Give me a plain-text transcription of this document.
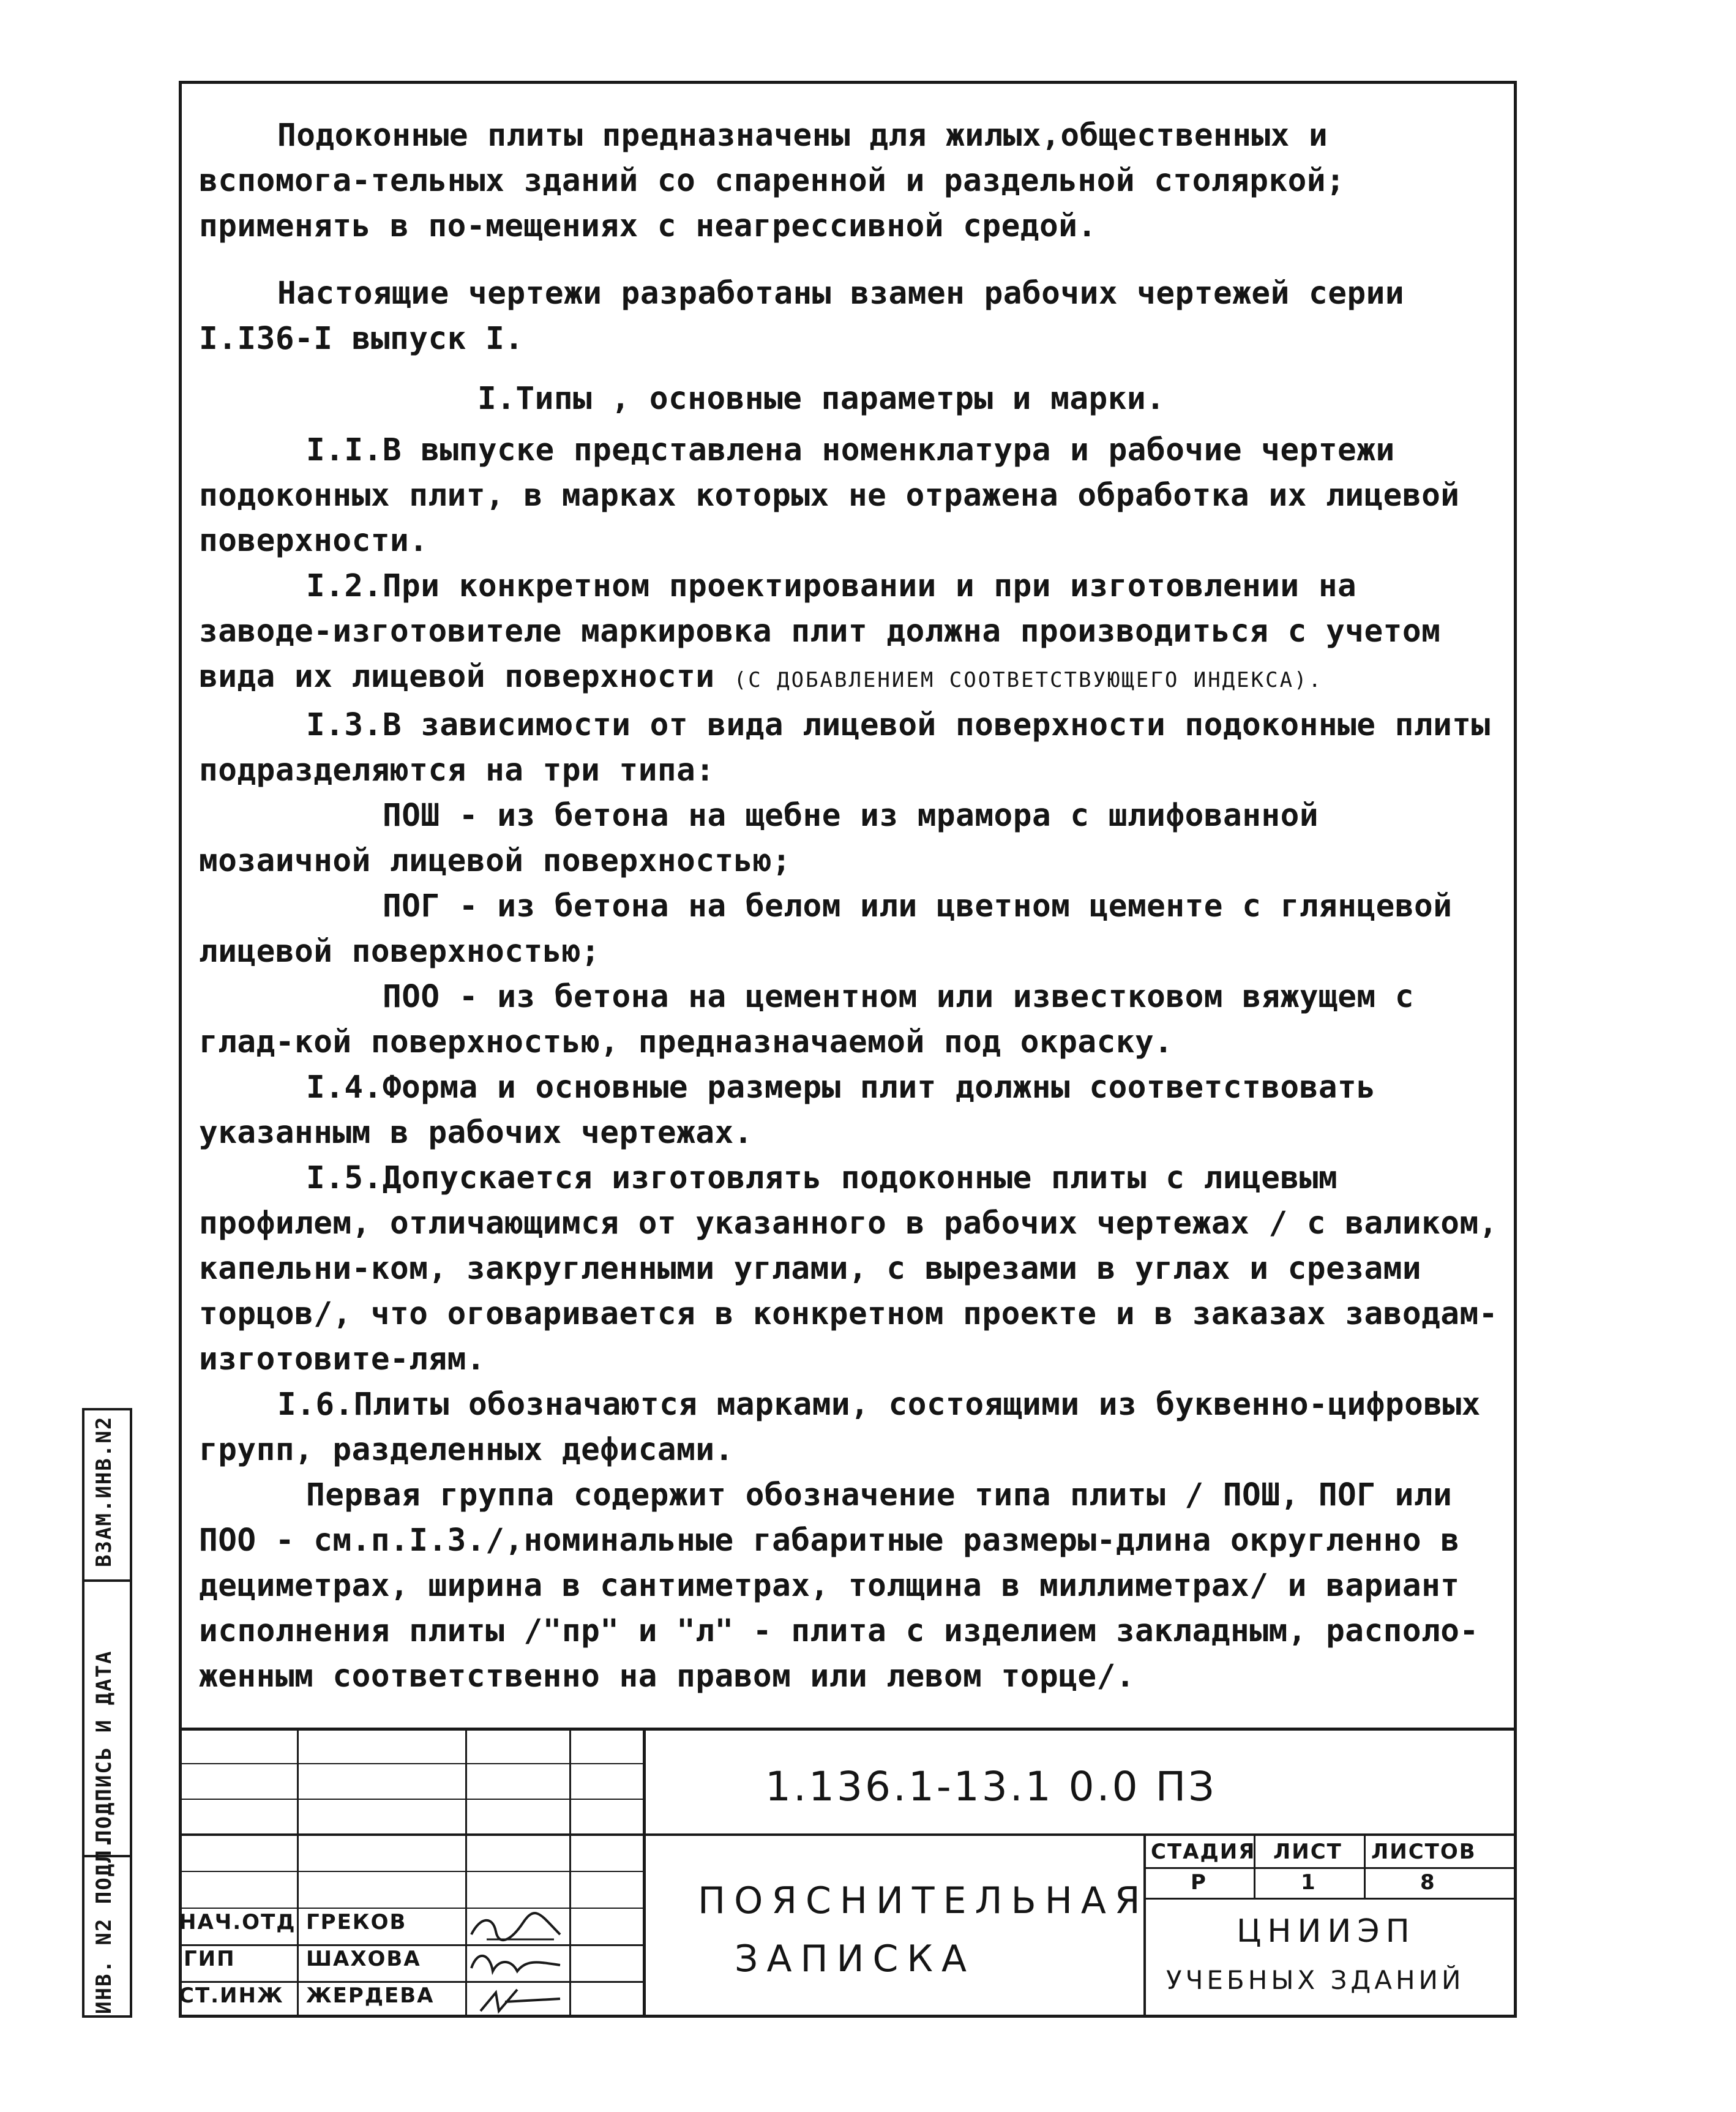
Подоконные плиты предназначены для жилых,общественных и вспомога-тельных зданий со спаренной и раздельной столяркой; применять в по-мещениях с неагрессивной средой.

Настоящие чертежи разработаны взамен рабочих чертежей серии I.I36-I выпуск I.

I.Типы , основные параметры и марки.

I.I.В выпуске представлена номенклатура и рабочие чертежи подоконных плит, в марках которых не отражена обработка их лицевой поверхности.

I.2.При конкретном проектировании и при изготовлении на заводе-изготовителе маркировка плит должна производиться с учетом вида их лицевой поверхности (С ДОБАВЛЕНИЕМ СООТВЕТСТВУЮЩЕГО ИНДЕКСА).

I.3.В зависимости от вида лицевой поверхности подоконные плиты подразделяются на три типа:

ПОШ - из бетона на щебне из мрамора с шлифованной мозаичной лицевой поверхностью;

ПОГ - из бетона на белом или цветном цементе с глянцевой лицевой поверхностью;

ПОО - из бетона на цементном или известковом вяжущем с глад-кой поверхностью, предназначаемой под окраску.

I.4.Форма и основные размеры плит должны соответствовать указанным в рабочих чертежах.

I.5.Допускается изготовлять подоконные плиты с лицевым профилем, отличающимся от указанного в рабочих чертежах / с валиком, капельни-ком, закругленными углами, с вырезами в углах и срезами торцов/, что оговаривается в конкретном проекте и в заказах заводам- изготовите-лям.

I.6.Плиты обозначаются марками, состоящими из буквенно-цифровых групп, разделенных дефисами.

Первая группа содержит обозначение типа плиты / ПОШ, ПОГ или ПОО - см.п.I.3./,номинальные габаритные размеры-длина округленно в дециметрах, ширина в сантиметрах, толщина в миллиметрах/ и вариант исполнения плиты /"пр" и "л" - плита с изделием закладным, располо-женным соответственно на правом или левом торце/.

ВЗАМ.ИНВ.N2
ПОДПИСЬ И ДАТА
ИНВ. N2 ПОДЛ.
1.136.1-13.1 0.0 ПЗ
ПОЯСНИТЕЛЬНАЯ
ЗАПИСКА
СТАДИЯ ЛИСТ ЛИСТОВ
Р	1	8
ЦНИИЭП
УЧЕБНЫХ ЗДАНИЙ
НАЧ.ОТД ГРЕКОВ
ГИП	ШАХОВА
СТ.ИНЖ ЖЕРДЕВА
